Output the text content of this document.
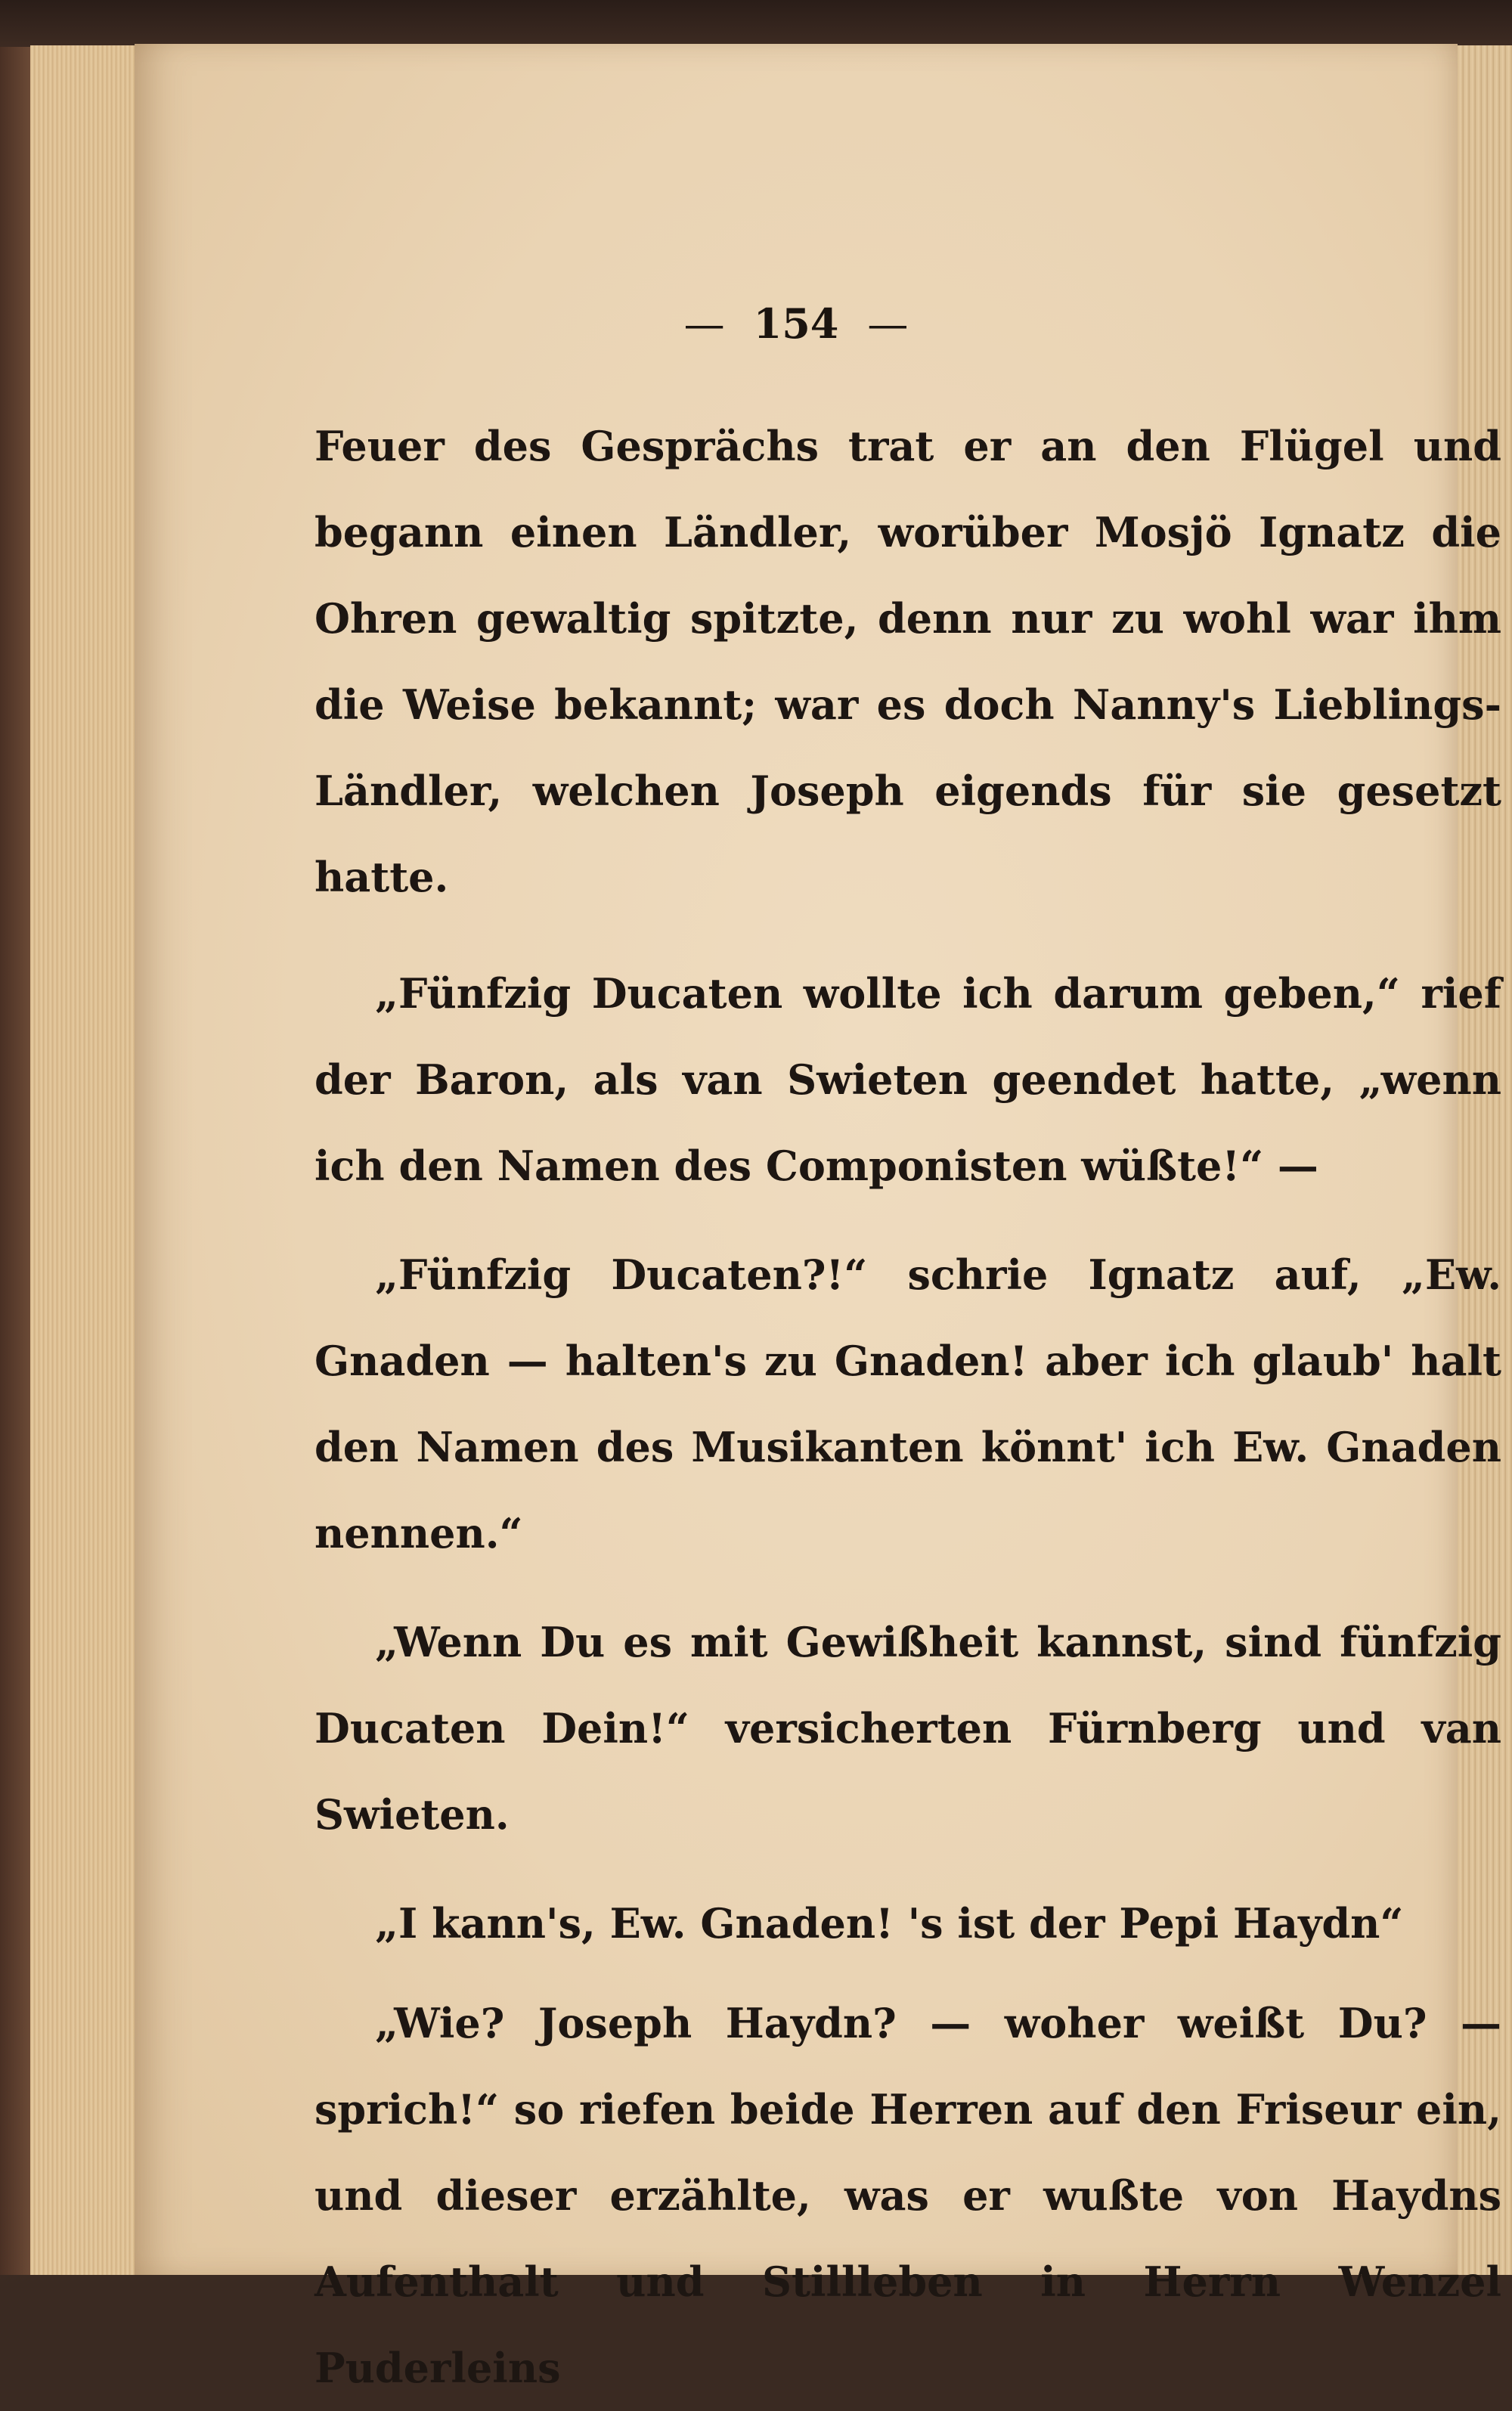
— 154 —

Feuer des Gesprächs trat er an den Flügel und begann einen Ländler, worüber Mosjö Ignatz die Ohren gewaltig spitzte, denn nur zu wohl war ihm die Weise bekannt; war es doch Nanny's Lieblings-Ländler, welchen Joseph eigends für sie gesetzt hatte.

„Fünfzig Ducaten wollte ich darum geben,“ rief der Baron, als van Swieten geendet hatte, „wenn ich den Namen des Componisten wüßte!“ —

„Fünfzig Ducaten?!“ schrie Ignatz auf, „Ew. Gnaden — halten's zu Gnaden! aber ich glaub' halt den Namen des Musikanten könnt' ich Ew. Gnaden nennen.“

„Wenn Du es mit Gewißheit kannst, sind fünfzig Ducaten Dein!“ versicherten Fürnberg und van Swieten.

„I kann's, Ew. Gnaden! 's ist der Pepi Haydn“

„Wie? Joseph Haydn? — woher weißt Du? — sprich!“ so riefen beide Herren auf den Friseur ein, und dieser erzählte, was er wußte von Haydns Aufenthalt und Stillleben in Herrn Wenzel Puderleins
